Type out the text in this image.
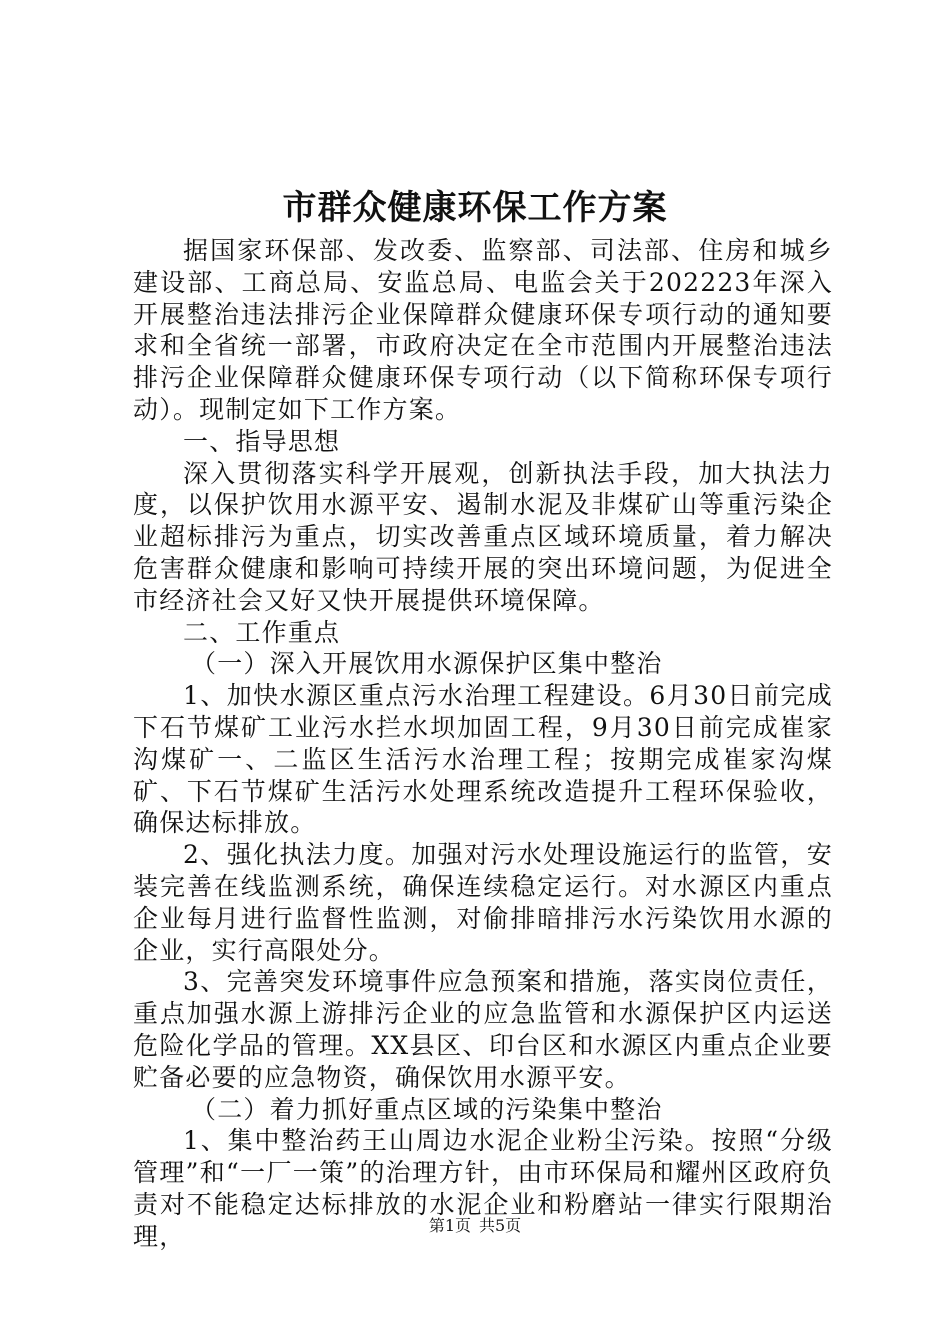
市群众健康环保工作方案

据国家环保部、发改委、监察部、司法部、住房和城乡建设部、工商总局、安监总局、电监会关于202223年深入开展整治违法排污企业保障群众健康环保专项行动的通知要求和全省统一部署，市政府决定在全市范围内开展整治违法排污企业保障群众健康环保专项行动（以下简称环保专项行动）。现制定如下工作方案。

一、指导思想

深入贯彻落实科学开展观，创新执法手段，加大执法力度，以保护饮用水源平安、遏制水泥及非煤矿山等重污染企业超标排污为重点，切实改善重点区域环境质量，着力解决危害群众健康和影响可持续开展的突出环境问题，为促进全市经济社会又好又快开展提供环境保障。

二、工作重点

（一）深入开展饮用水源保护区集中整治

1、加快水源区重点污水治理工程建设。6月30日前完成下石节煤矿工业污水拦水坝加固工程，9月30日前完成崔家沟煤矿一、二监区生活污水治理工程；按期完成崔家沟煤矿、下石节煤矿生活污水处理系统改造提升工程环保验收，确保达标排放。

2、强化执法力度。加强对污水处理设施运行的监管，安装完善在线监测系统，确保连续稳定运行。对水源区内重点企业每月进行监督性监测，对偷排暗排污水污染饮用水源的企业，实行高限处分。

3、完善突发环境事件应急预案和措施，落实岗位责任，重点加强水源上游排污企业的应急监管和水源保护区内运送危险化学品的管理。XX县区、印台区和水源区内重点企业要贮备必要的应急物资，确保饮用水源平安。

（二）着力抓好重点区域的污染集中整治

1、集中整治药王山周边水泥企业粉尘污染。按照“分级管理”和“一厂一策”的治理方针，由市环保局和耀州区政府负责对不能稳定达标排放的水泥企业和粉磨站一律实行限期治理，	第1页 共5页
